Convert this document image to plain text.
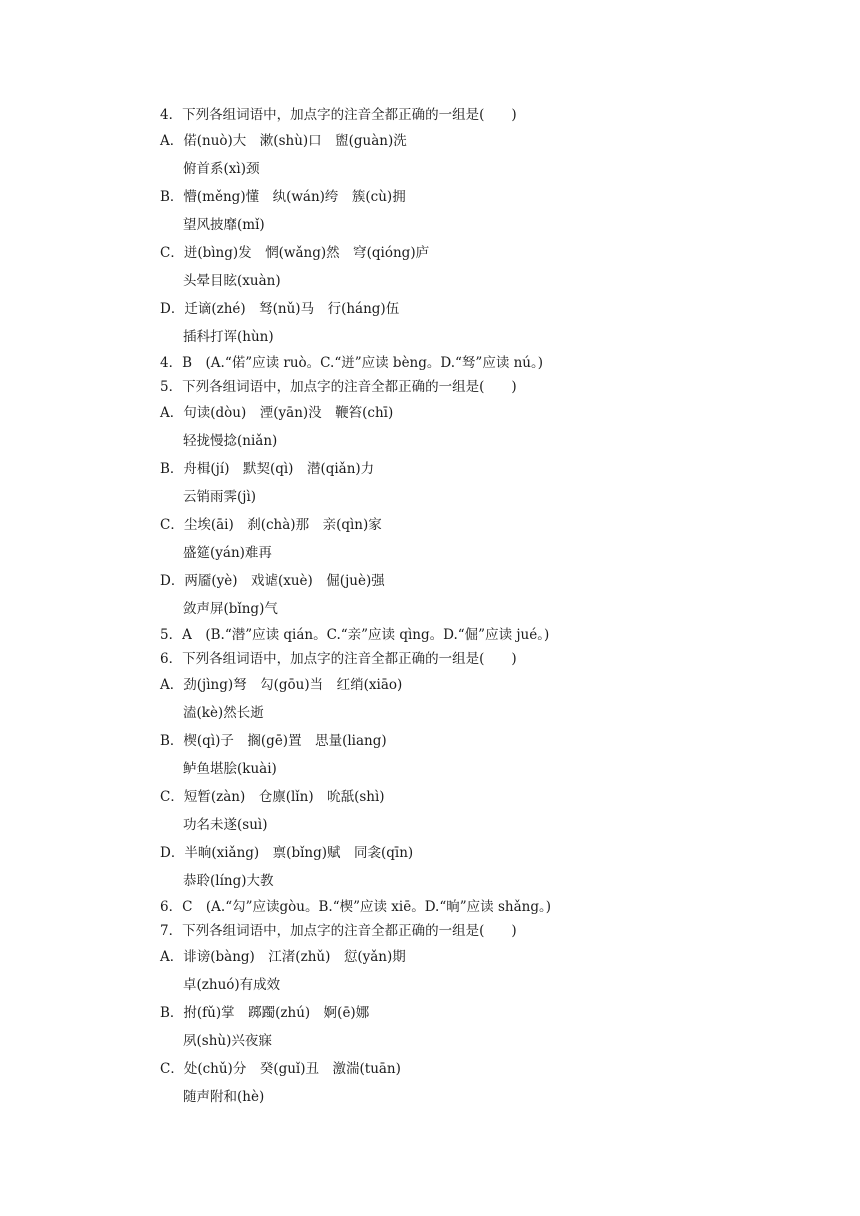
4．下列各组词语中，加点字的注音全都正确的一组是(　　)
A．偌(nuò)大　漱(shù)口　盥(guàn)洗
俯首系(xì)颈
B．懵(měng)懂　纨(wán)绔　簇(cù)拥
望风披靡(mǐ)
C．迸(bìng)发　惘(wǎng)然　穹(qióng)庐
头晕目眩(xuàn)
D．迁谪(zhé)　驽(nǔ)马　行(háng)伍
插科打诨(hùn)
4．B　(A.“偌”应读 ruò。C.“迸”应读 bèng。D.“驽”应读 nú。)
5．下列各组词语中，加点字的注音全都正确的一组是(　　)
A．句读(dòu)　湮(yān)没　鞭笞(chī)
轻拢慢捻(niǎn)
B．舟楫(jí)　默契(qì)　潜(qiǎn)力
云销雨霁(jì)
C．尘埃(āi)　刹(chà)那　亲(qìn)家
盛筵(yán)难再
D．两靥(yè)　戏谑(xuè)　倔(juè)强
敛声屏(bǐng)气
5．A　(B.“潜”应读 qián。C.“亲”应读 qìng。D.“倔”应读 jué。)
6．下列各组词语中，加点字的注音全都正确的一组是(　　)
A．劲(jìng)弩　勾(gōu)当　红绡(xiāo)
溘(kè)然长逝
B．楔(qì)子　搁(gē)置　思量(liang)
鲈鱼堪脍(kuài)
C．短暂(zàn)　仓廪(lǐn)　吮舐(shì)
功名未遂(suì)
D．半晌(xiǎng)　禀(bǐng)赋　同衾(qīn)
恭聆(líng)大教
6．C　(A.“勾”应读gòu。B.“楔”应读 xiē。D.“晌”应读 shǎng。)
7．下列各组词语中，加点字的注音全都正确的一组是(　　)
A．诽谤(bàng)　江渚(zhǔ)　愆(yǎn)期
卓(zhuó)有成效
B．拊(fǔ)掌　踯躅(zhú)　婀(ē)娜
夙(shù)兴夜寐
C．处(chǔ)分　癸(guǐ)丑　激湍(tuān)
随声附和(hè)
